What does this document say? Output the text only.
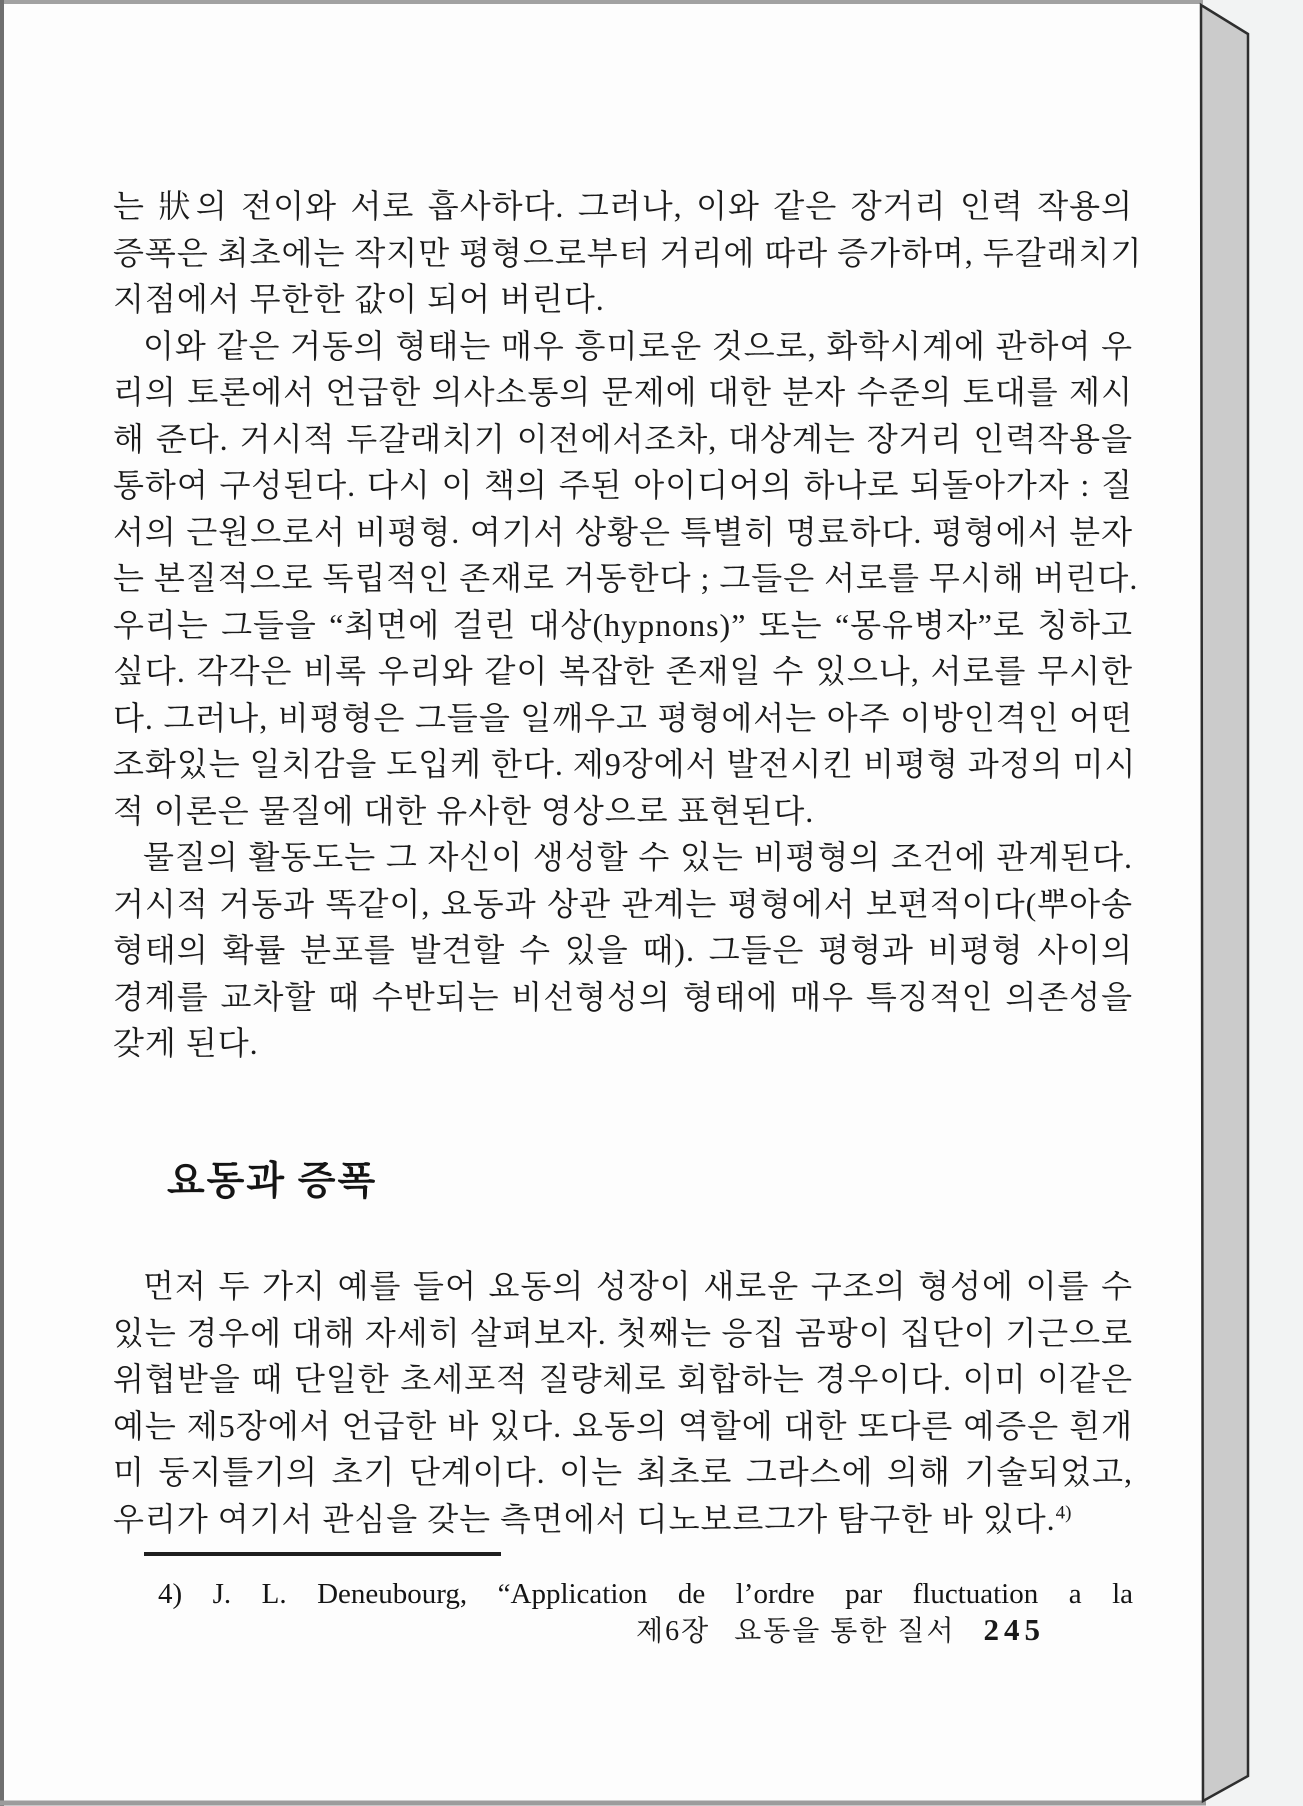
는 狀의 전이와 서로 흡사하다. 그러나, 이와 같은 장거리 인력 작용의
증폭은 최초에는 작지만 평형으로부터 거리에 따라 증가하며, 두갈래치기
지점에서 무한한 값이 되어 버린다.
이와 같은 거동의 형태는 매우 흥미로운 것으로, 화학시계에 관하여 우
리의 토론에서 언급한 의사소통의 문제에 대한 분자 수준의 토대를 제시
해 준다. 거시적 두갈래치기 이전에서조차, 대상계는 장거리 인력작용을
통하여 구성된다. 다시 이 책의 주된 아이디어의 하나로 되돌아가자 : 질
서의 근원으로서 비평형. 여기서 상황은 특별히 명료하다. 평형에서 분자
는 본질적으로 독립적인 존재로 거동한다 ; 그들은 서로를 무시해 버린다.
우리는 그들을 “최면에 걸린 대상(hypnons)” 또는 “몽유병자”로 칭하고
싶다. 각각은 비록 우리와 같이 복잡한 존재일 수 있으나, 서로를 무시한
다. 그러나, 비평형은 그들을 일깨우고 평형에서는 아주 이방인격인 어떤
조화있는 일치감을 도입케 한다. 제9장에서 발전시킨 비평형 과정의 미시
적 이론은 물질에 대한 유사한 영상으로 표현된다.
물질의 활동도는 그 자신이 생성할 수 있는 비평형의 조건에 관계된다.
거시적 거동과 똑같이, 요동과 상관 관계는 평형에서 보편적이다(뿌아송
형태의 확률 분포를 발견할 수 있을 때). 그들은 평형과 비평형 사이의
경계를 교차할 때 수반되는 비선형성의 형태에 매우 특징적인 의존성을
갖게 된다.
요동과 증폭
먼저 두 가지 예를 들어 요동의 성장이 새로운 구조의 형성에 이를 수
있는 경우에 대해 자세히 살펴보자. 첫째는 응집 곰팡이 집단이 기근으로
위협받을 때 단일한 초세포적 질량체로 회합하는 경우이다. 이미 이같은
예는 제5장에서 언급한 바 있다. 요동의 역할에 대한 또다른 예증은 흰개
미 둥지틀기의 초기 단계이다. 이는 최초로 그라스에 의해 기술되었고,
우리가 여기서 관심을 갖는 측면에서 디노보르그가 탐구한 바 있다.$^{4)}$
4) J. L. Deneubourg, “Application de l’ordre par fluctuation a la
제6장 요동을 통한 질서 245
